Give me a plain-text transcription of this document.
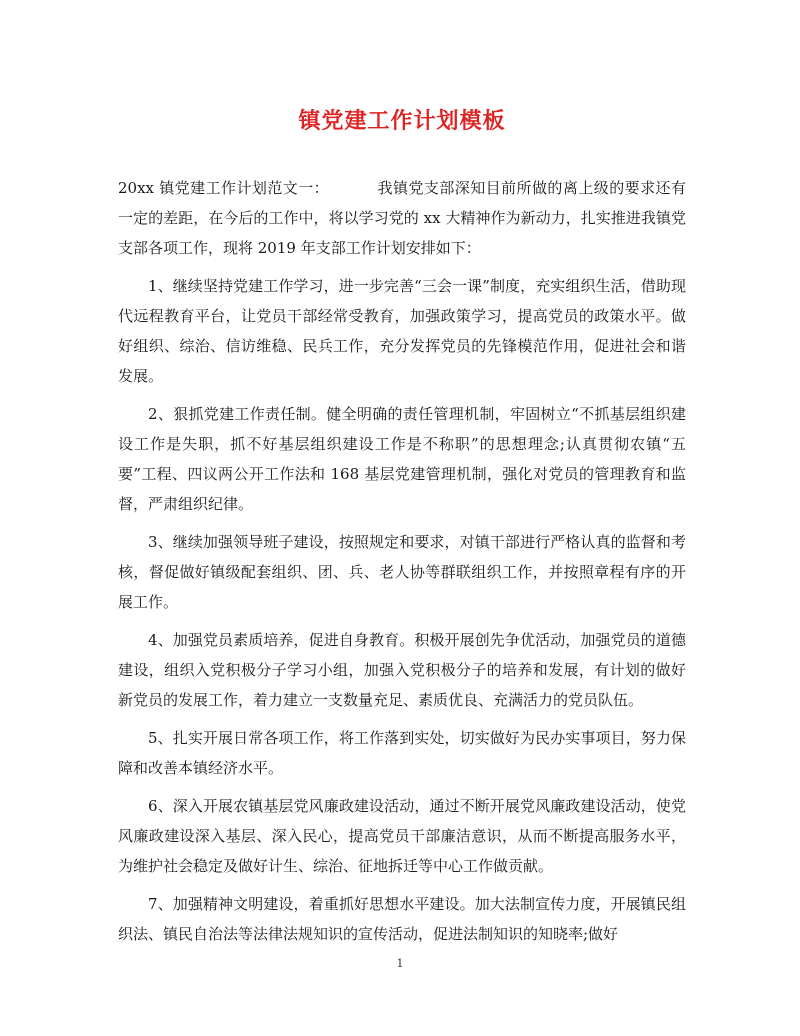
镇党建工作计划模板

20xx 镇党建工作计划范文一：	我镇党支部深知目前所做的离上级的要求还有一定的差距，在今后的工作中，将以学习党的 xx 大精神作为新动力，扎实推进我镇党支部各项工作，现将 2019 年支部工作计划安排如下：

1、继续坚持党建工作学习，进一步完善“三会一课”制度，充实组织生活，借助现代远程教育平台，让党员干部经常受教育，加强政策学习，提高党员的政策水平。做好组织、综治、信访维稳、民兵工作，充分发挥党员的先锋模范作用，促进社会和谐发展。

2、狠抓党建工作责任制。健全明确的责任管理机制，牢固树立“不抓基层组织建设工作是失职，抓不好基层组织建设工作是不称职”的思想理念;认真贯彻农镇“五要”工程、四议两公开工作法和 168 基层党建管理机制，强化对党员的管理教育和监督，严肃组织纪律。

3、继续加强领导班子建设，按照规定和要求，对镇干部进行严格认真的监督和考核，督促做好镇级配套组织、团、兵、老人协等群联组织工作，并按照章程有序的开展工作。

4、加强党员素质培养，促进自身教育。积极开展创先争优活动，加强党员的道德建设，组织入党积极分子学习小组，加强入党积极分子的培养和发展，有计划的做好新党员的发展工作，着力建立一支数量充足、素质优良、充满活力的党员队伍。

5、扎实开展日常各项工作，将工作落到实处，切实做好为民办实事项目，努力保障和改善本镇经济水平。

6、深入开展农镇基层党风廉政建设活动，通过不断开展党风廉政建设活动，使党风廉政建设深入基层、深入民心，提高党员干部廉洁意识，从而不断提高服务水平，为维护社会稳定及做好计生、综治、征地拆迁等中心工作做贡献。

7、加强精神文明建设，着重抓好思想水平建设。加大法制宣传力度，开展镇民组织法、镇民自治法等法律法规知识的宣传活动，促进法制知识的知晓率;做好

1
